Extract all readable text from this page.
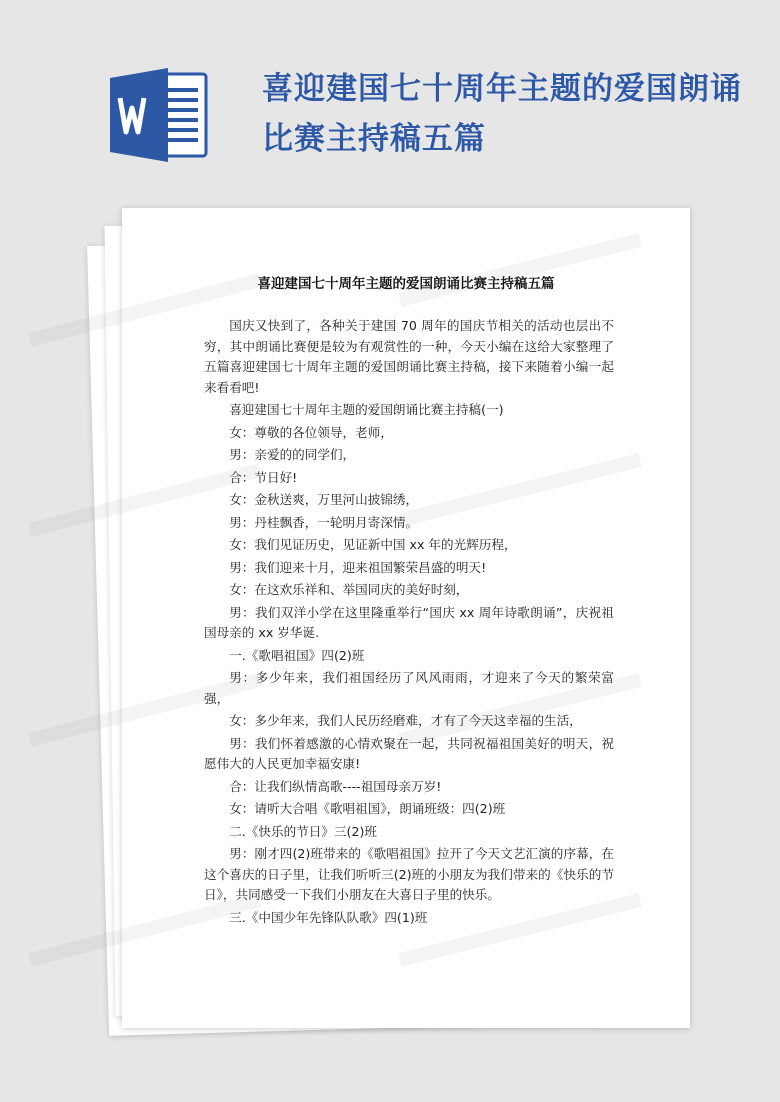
喜迎建国七十周年主题的爱国朗诵比赛主持稿五篇
喜迎建国七十周年主题的爱国朗诵比赛主持稿五篇

国庆又快到了，各种关于建国 70 周年的国庆节相关的活动也层出不穷，其中朗诵比赛便是较为有观赏性的一种，今天小编在这给大家整理了五篇喜迎建国七十周年主题的爱国朗诵比赛主持稿，接下来随着小编一起来看看吧!

喜迎建国七十周年主题的爱国朗诵比赛主持稿(一)

女：尊敬的各位领导，老师，

男：亲爱的的同学们，

合：节日好!

女：金秋送爽，万里河山披锦绣，

男：丹桂飘香，一轮明月寄深情。

女：我们见证历史，见证新中国 xx 年的光辉历程，

男：我们迎来十月，迎来祖国繁荣昌盛的明天!

女：在这欢乐祥和、举国同庆的美好时刻，

男：我们双洋小学在这里隆重举行“国庆 xx 周年诗歌朗诵”，庆祝祖国母亲的 xx 岁华诞.

一.《歌唱祖国》四(2)班

男：多少年来，我们祖国经历了风风雨雨，才迎来了今天的繁荣富强，

女：多少年来，我们人民历经磨难，才有了今天这幸福的生活，

男：我们怀着感激的心情欢聚在一起，共同祝福祖国美好的明天，祝愿伟大的人民更加幸福安康!

合：让我们纵情高歌----祖国母亲万岁!

女：请听大合唱《歌唱祖国》，朗诵班级：四(2)班

二.《快乐的节日》三(2)班

男：刚才四(2)班带来的《歌唱祖国》拉开了今天文艺汇演的序幕，在这个喜庆的日子里，让我们听听三(2)班的小朋友为我们带来的《快乐的节日》，共同感受一下我们小朋友在大喜日子里的快乐。

三.《中国少年先锋队队歌》四(1)班
